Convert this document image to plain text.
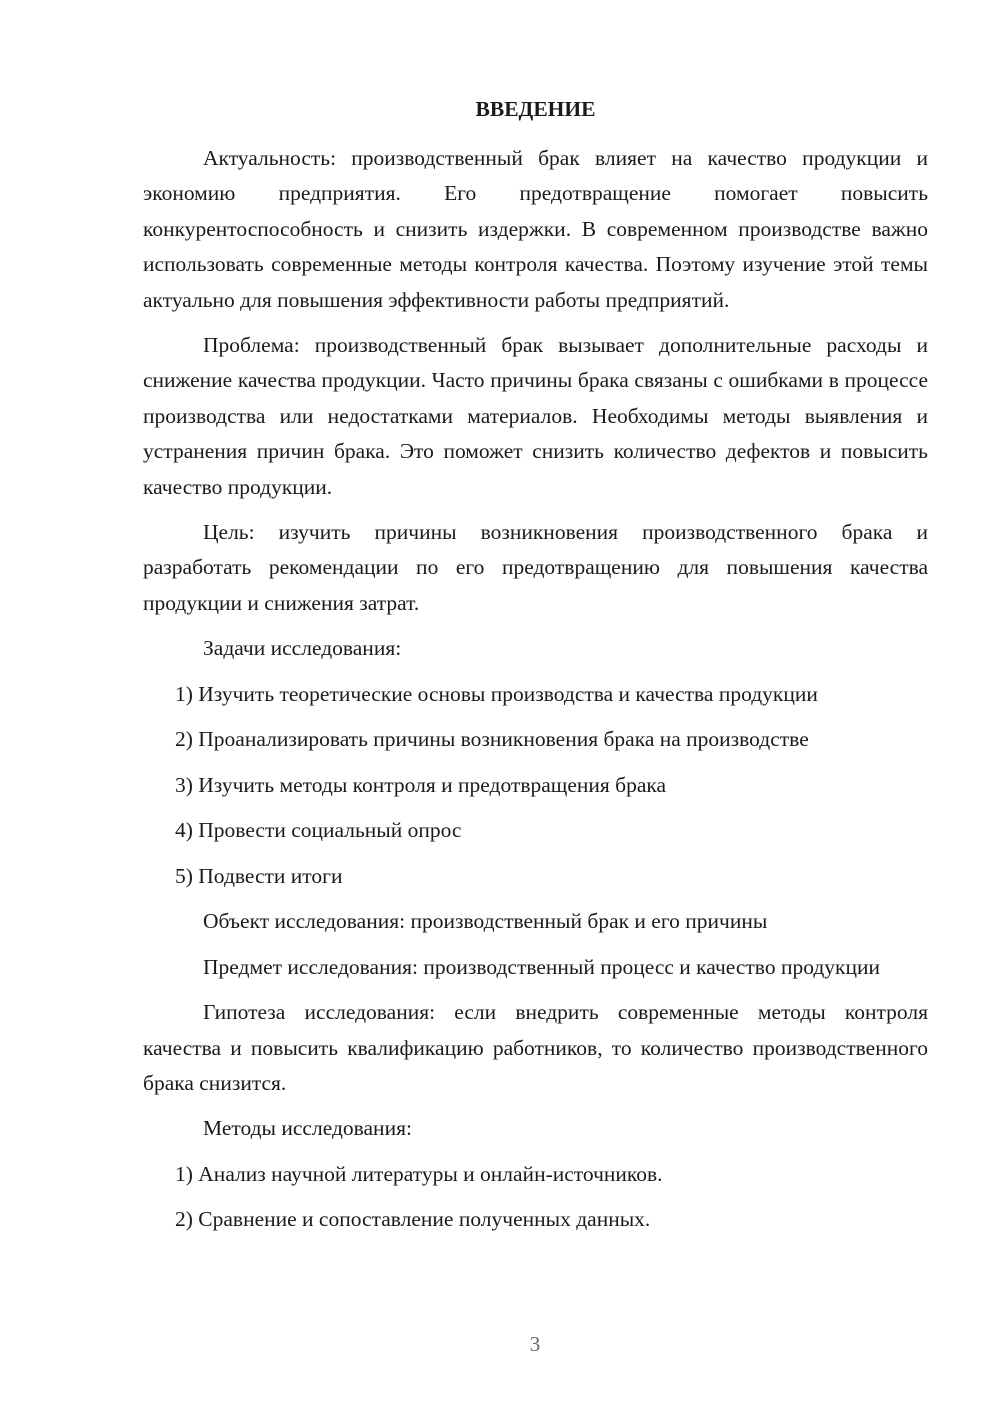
ВВЕДЕНИЕ

Актуальность: производственный брак влияет на качество продукции и экономию предприятия. Его предотвращение помогает повысить конкурентоспособность и снизить издержки. В современном производстве важно использовать современные методы контроля качества. Поэтому изучение этой темы актуально для повышения эффективности работы предприятий.

Проблема: производственный брак вызывает дополнительные расходы и снижение качества продукции. Часто причины брака связаны с ошибками в процессе производства или недостатками материалов. Необходимы методы выявления и устранения причин брака. Это поможет снизить количество дефектов и повысить качество продукции.

Цель: изучить причины возникновения производственного брака и разработать рекомендации по его предотвращению для повышения качества продукции и снижения затрат.

Задачи исследования:

1) Изучить теоретические основы производства и качества продукции

2) Проанализировать причины возникновения брака на производстве

3) Изучить методы контроля и предотвращения брака

4) Провести социальный опрос

5) Подвести итоги

Объект исследования: производственный брак и его причины

Предмет исследования: производственный процесс и качество продукции

Гипотеза исследования: если внедрить современные методы контроля качества и повысить квалификацию работников, то количество производственного брака снизится.

Методы исследования:

1) Анализ научной литературы и онлайн-источников.

2) Сравнение и сопоставление полученных данных.

3
